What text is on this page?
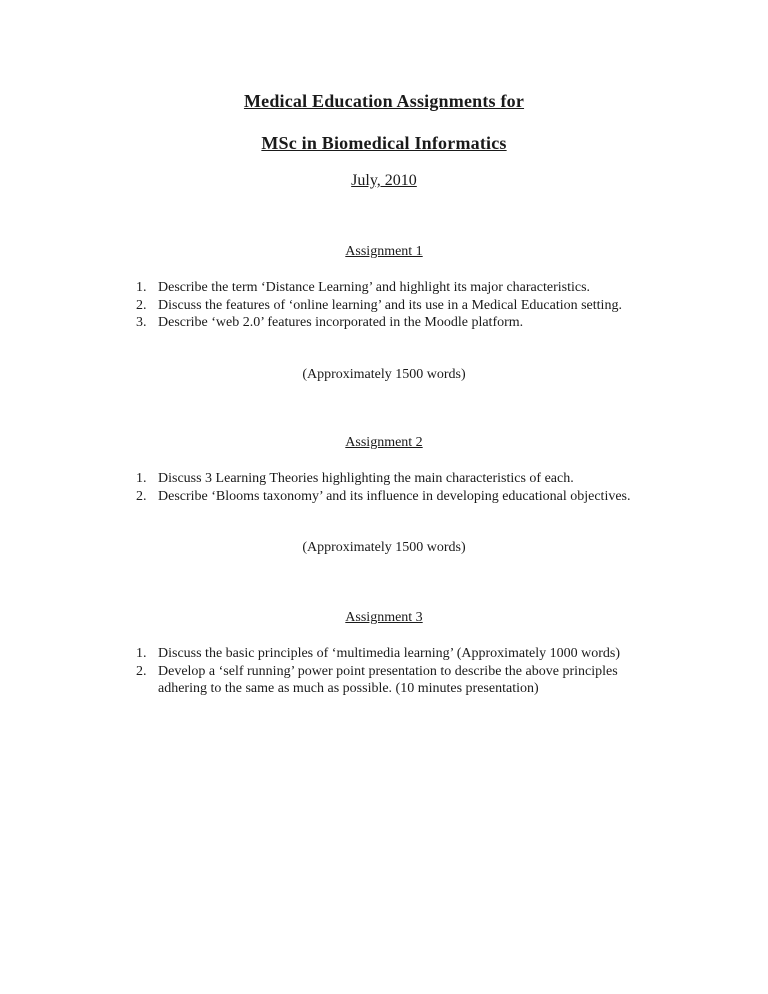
Medical Education Assignments for
MSc in Biomedical Informatics
July, 2010
Assignment 1
1. Describe the term ‘Distance Learning’ and highlight its major characteristics.
2. Discuss the features of ‘online learning’ and its use in a Medical Education setting.
3. Describe ‘web 2.0’ features incorporated in the Moodle platform.
(Approximately 1500 words)
Assignment 2
1. Discuss 3 Learning Theories highlighting the main characteristics of each.
2. Describe ‘Blooms taxonomy’ and its influence in developing educational objectives.
(Approximately 1500 words)
Assignment 3
1. Discuss the basic principles of ‘multimedia learning’ (Approximately 1000 words)
2. Develop a ‘self running’ power point presentation to describe the above principles adhering to the same as much as possible. (10 minutes presentation)
